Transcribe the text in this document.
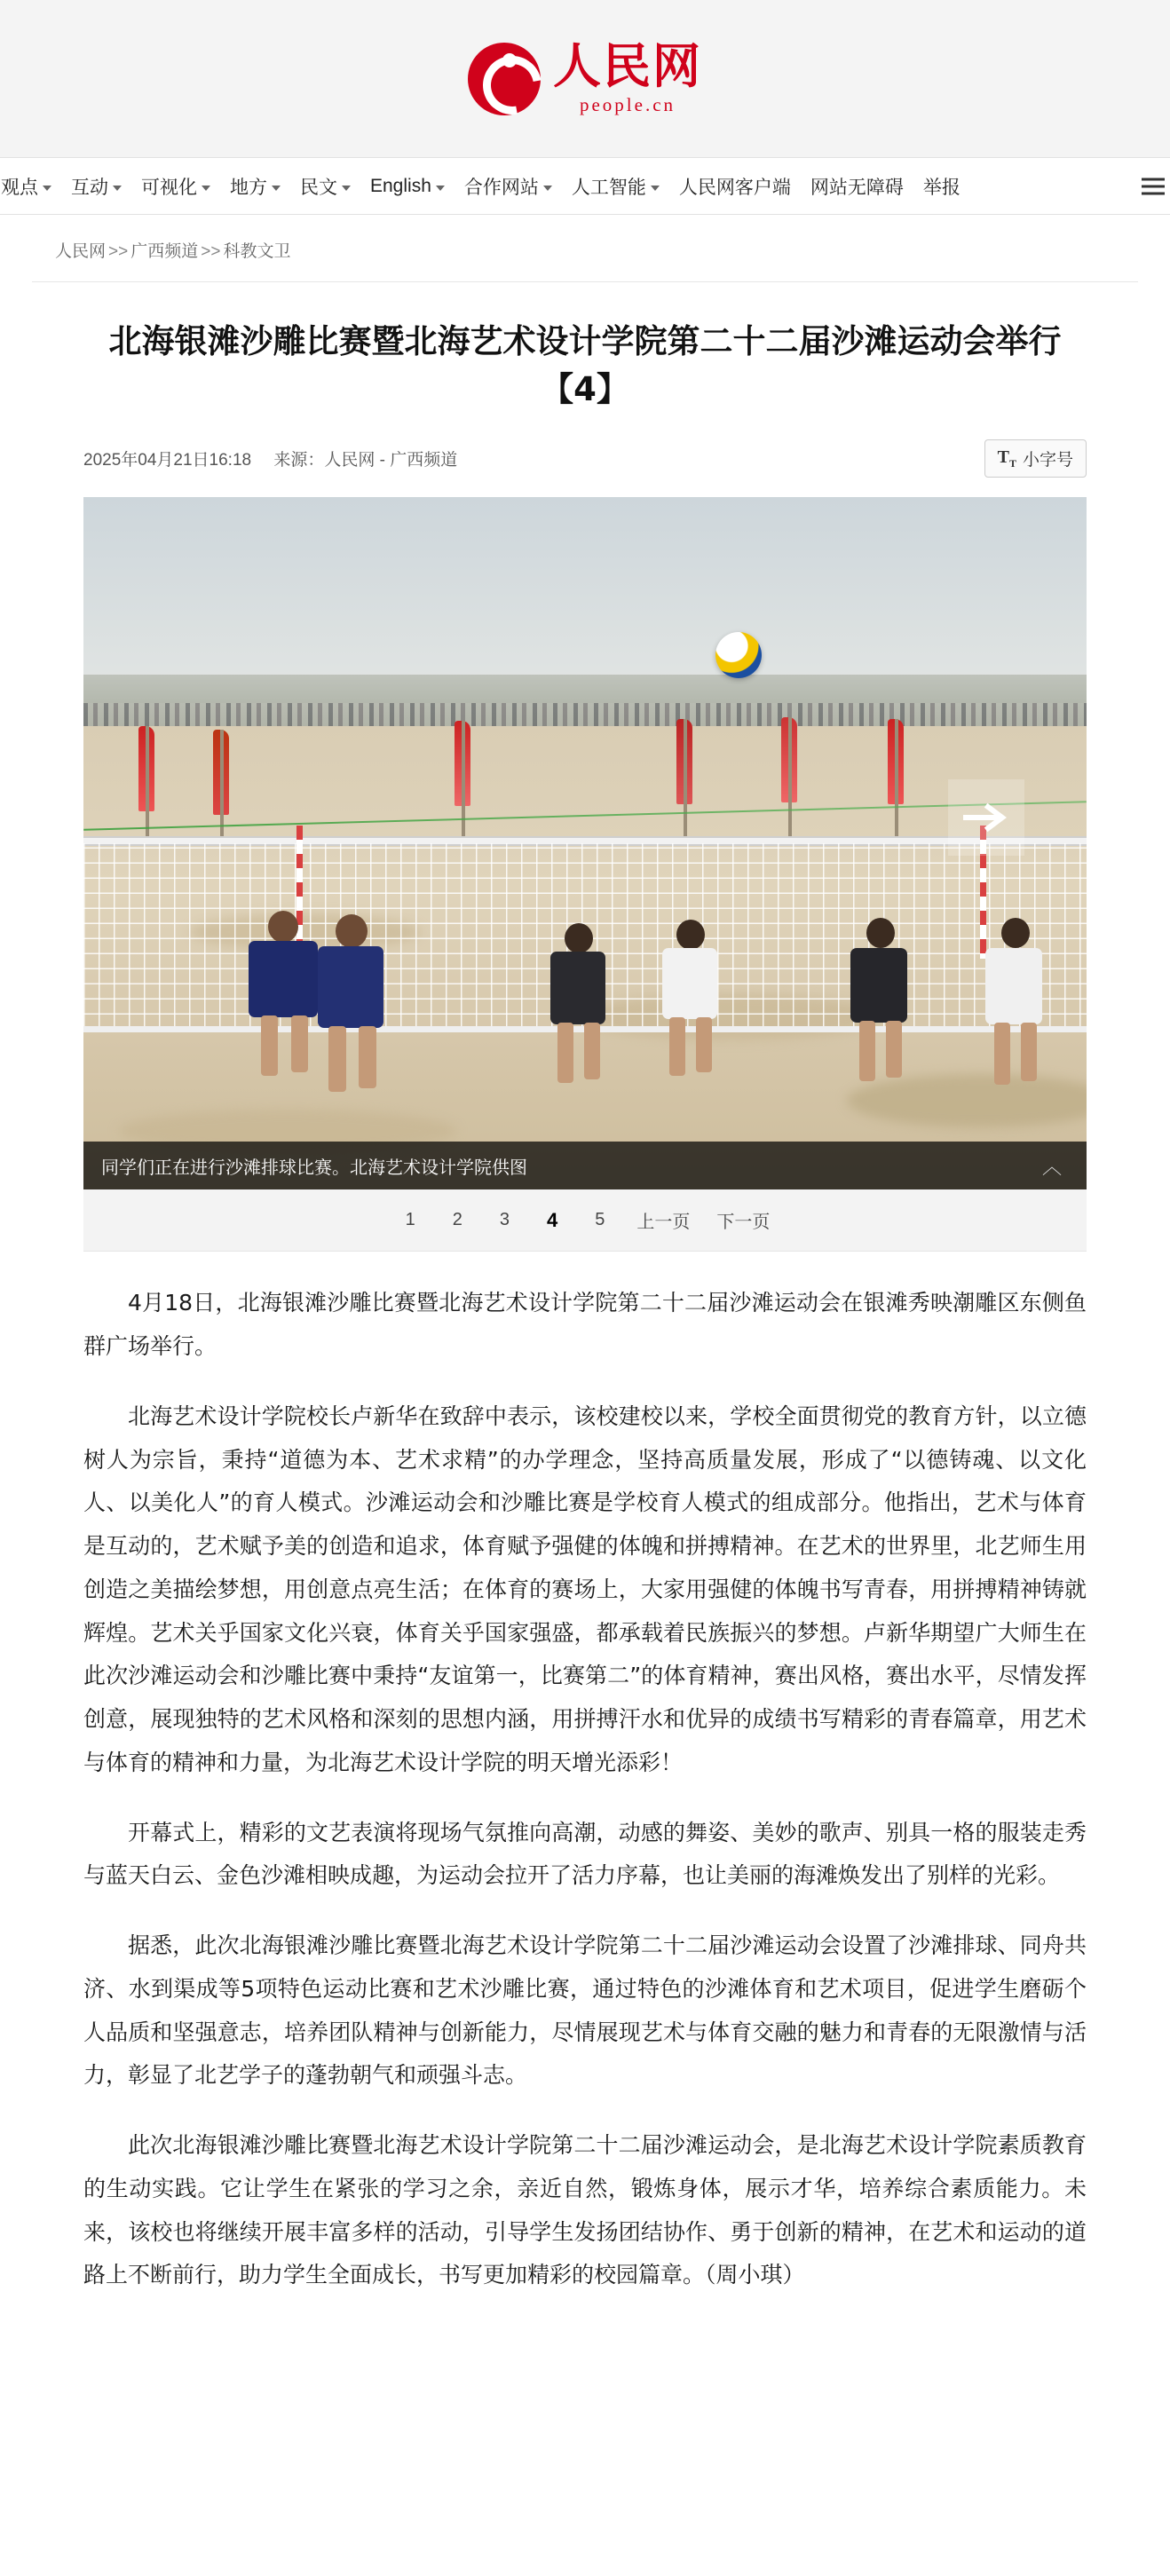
人民网
people.cn
观点 互动 可视化 地方 民文 English 合作网站 人工智能 人民网客户端 网站无障碍 举报
人民网 >> 广西频道 >> 科教文卫
北海银滩沙雕比赛暨北海艺术设计学院第二十二届沙滩运动会举行【4】
2025年04月21日16:18 来源：人民网 - 广西频道	$T_T$ 小字号
同学们正在进行沙滩排球比赛。北海艺术设计学院供图	︿
1	2	3 4	5	上一页 下一页

4月18日，北海银滩沙雕比赛暨北海艺术设计学院第二十二届沙滩运动会在银滩秀映潮雕区东侧鱼群广场举行。

北海艺术设计学院校长卢新华在致辞中表示，该校建校以来，学校全面贯彻党的教育方针，以立德树人为宗旨，秉持“道德为本、艺术求精”的办学理念，坚持高质量发展，形成了“以德铸魂、以文化人、以美化人”的育人模式。沙滩运动会和沙雕比赛是学校育人模式的组成部分。他指出，艺术与体育是互动的，艺术赋予美的创造和追求，体育赋予强健的体魄和拼搏精神。在艺术的世界里，北艺师生用创造之美描绘梦想，用创意点亮生活；在体育的赛场上，大家用强健的体魄书写青春，用拼搏精神铸就辉煌。艺术关乎国家文化兴衰，体育关乎国家强盛，都承载着民族振兴的梦想。卢新华期望广大师生在此次沙滩运动会和沙雕比赛中秉持“友谊第一，比赛第二”的体育精神，赛出风格，赛出水平，尽情发挥创意，展现独特的艺术风格和深刻的思想内涵，用拼搏汗水和优异的成绩书写精彩的青春篇章，用艺术与体育的精神和力量，为北海艺术设计学院的明天增光添彩！

开幕式上，精彩的文艺表演将现场气氛推向高潮，动感的舞姿、美妙的歌声、别具一格的服装走秀与蓝天白云、金色沙滩相映成趣，为运动会拉开了活力序幕，也让美丽的海滩焕发出了别样的光彩。

据悉，此次北海银滩沙雕比赛暨北海艺术设计学院第二十二届沙滩运动会设置了沙滩排球、同舟共济、水到渠成等5项特色运动比赛和艺术沙雕比赛，通过特色的沙滩体育和艺术项目，促进学生磨砺个人品质和坚强意志，培养团队精神与创新能力，尽情展现艺术与体育交融的魅力和青春的无限激情与活力，彰显了北艺学子的蓬勃朝气和顽强斗志。

此次北海银滩沙雕比赛暨北海艺术设计学院第二十二届沙滩运动会，是北海艺术设计学院素质教育的生动实践。它让学生在紧张的学习之余，亲近自然，锻炼身体，展示才华，培养综合素质能力。未来，该校也将继续开展丰富多样的活动，引导学生发扬团结协作、勇于创新的精神，在艺术和运动的道路上不断前行，助力学生全面成长，书写更加精彩的校园篇章。（周小琪）
